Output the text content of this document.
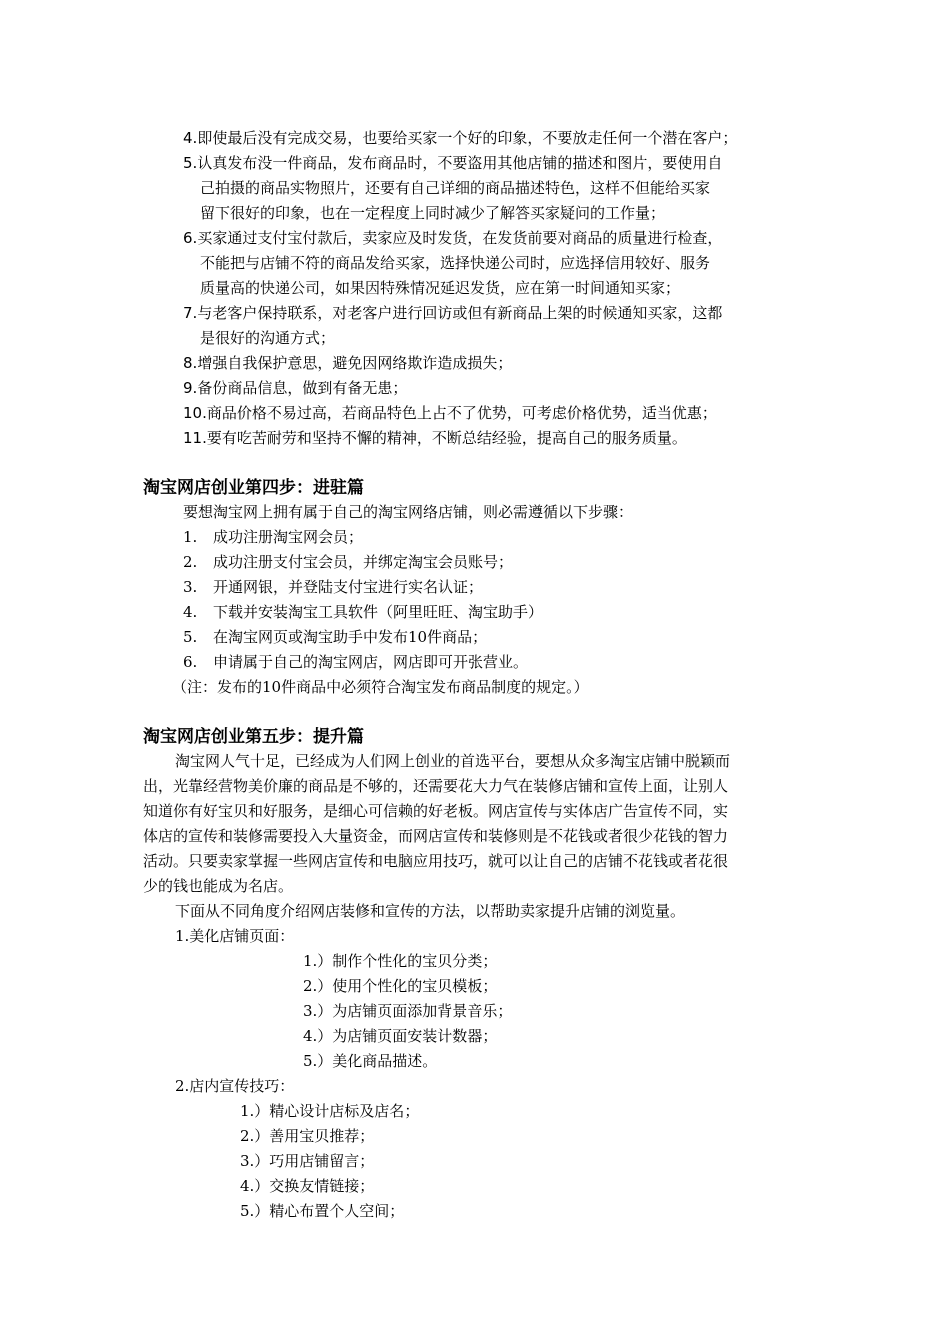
4.即使最后没有完成交易，也要给买家一个好的印象，不要放走任何一个潜在客户；
5.认真发布没一件商品，发布商品时，不要盗用其他店铺的描述和图片，要使用自
己拍摄的商品实物照片，还要有自己详细的商品描述特色，这样不但能给买家
留下很好的印象，也在一定程度上同时减少了解答买家疑问的工作量；
6.买家通过支付宝付款后，卖家应及时发货，在发货前要对商品的质量进行检查，
不能把与店铺不符的商品发给买家，选择快递公司时，应选择信用较好、服务
质量高的快递公司，如果因特殊情况延迟发货，应在第一时间通知买家；
7.与老客户保持联系，对老客户进行回访或但有新商品上架的时候通知买家，这都
是很好的沟通方式；
8.增强自我保护意思，避免因网络欺诈造成损失；
9.备份商品信息，做到有备无患；
10.商品价格不易过高，若商品特色上占不了优势，可考虑价格优势，适当优惠；
11.要有吃苦耐劳和坚持不懈的精神，不断总结经验，提高自己的服务质量。
淘宝网店创业第四步：进驻篇
要想淘宝网上拥有属于自己的淘宝网络店铺，则必需遵循以下步骤：
1. 成功注册淘宝网会员；
2. 成功注册支付宝会员，并绑定淘宝会员账号；
3. 开通网银，并登陆支付宝进行实名认证；
4. 下载并安装淘宝工具软件（阿里旺旺、淘宝助手）
5. 在淘宝网页或淘宝助手中发布10件商品；
6. 申请属于自己的淘宝网店，网店即可开张营业。
（注：发布的10件商品中必须符合淘宝发布商品制度的规定。）
淘宝网店创业第五步：提升篇
淘宝网人气十足，已经成为人们网上创业的首选平台，要想从众多淘宝店铺中脱颖而
出，光靠经营物美价廉的商品是不够的，还需要花大力气在装修店铺和宣传上面，让别人
知道你有好宝贝和好服务，是细心可信赖的好老板。网店宣传与实体店广告宣传不同，实
体店的宣传和装修需要投入大量资金，而网店宣传和装修则是不花钱或者很少花钱的智力
活动。只要卖家掌握一些网店宣传和电脑应用技巧，就可以让自己的店铺不花钱或者花很
少的钱也能成为名店。
下面从不同角度介绍网店装修和宣传的方法，以帮助卖家提升店铺的浏览量。
1.美化店铺页面：
1.）制作个性化的宝贝分类；
2.）使用个性化的宝贝模板；
3.）为店铺页面添加背景音乐；
4.）为店铺页面安装计数器；
5.）美化商品描述。
2.店内宣传技巧：
1.）精心设计店标及店名；
2.）善用宝贝推荐；
3.）巧用店铺留言；
4.）交换友情链接；
5.）精心布置个人空间；
